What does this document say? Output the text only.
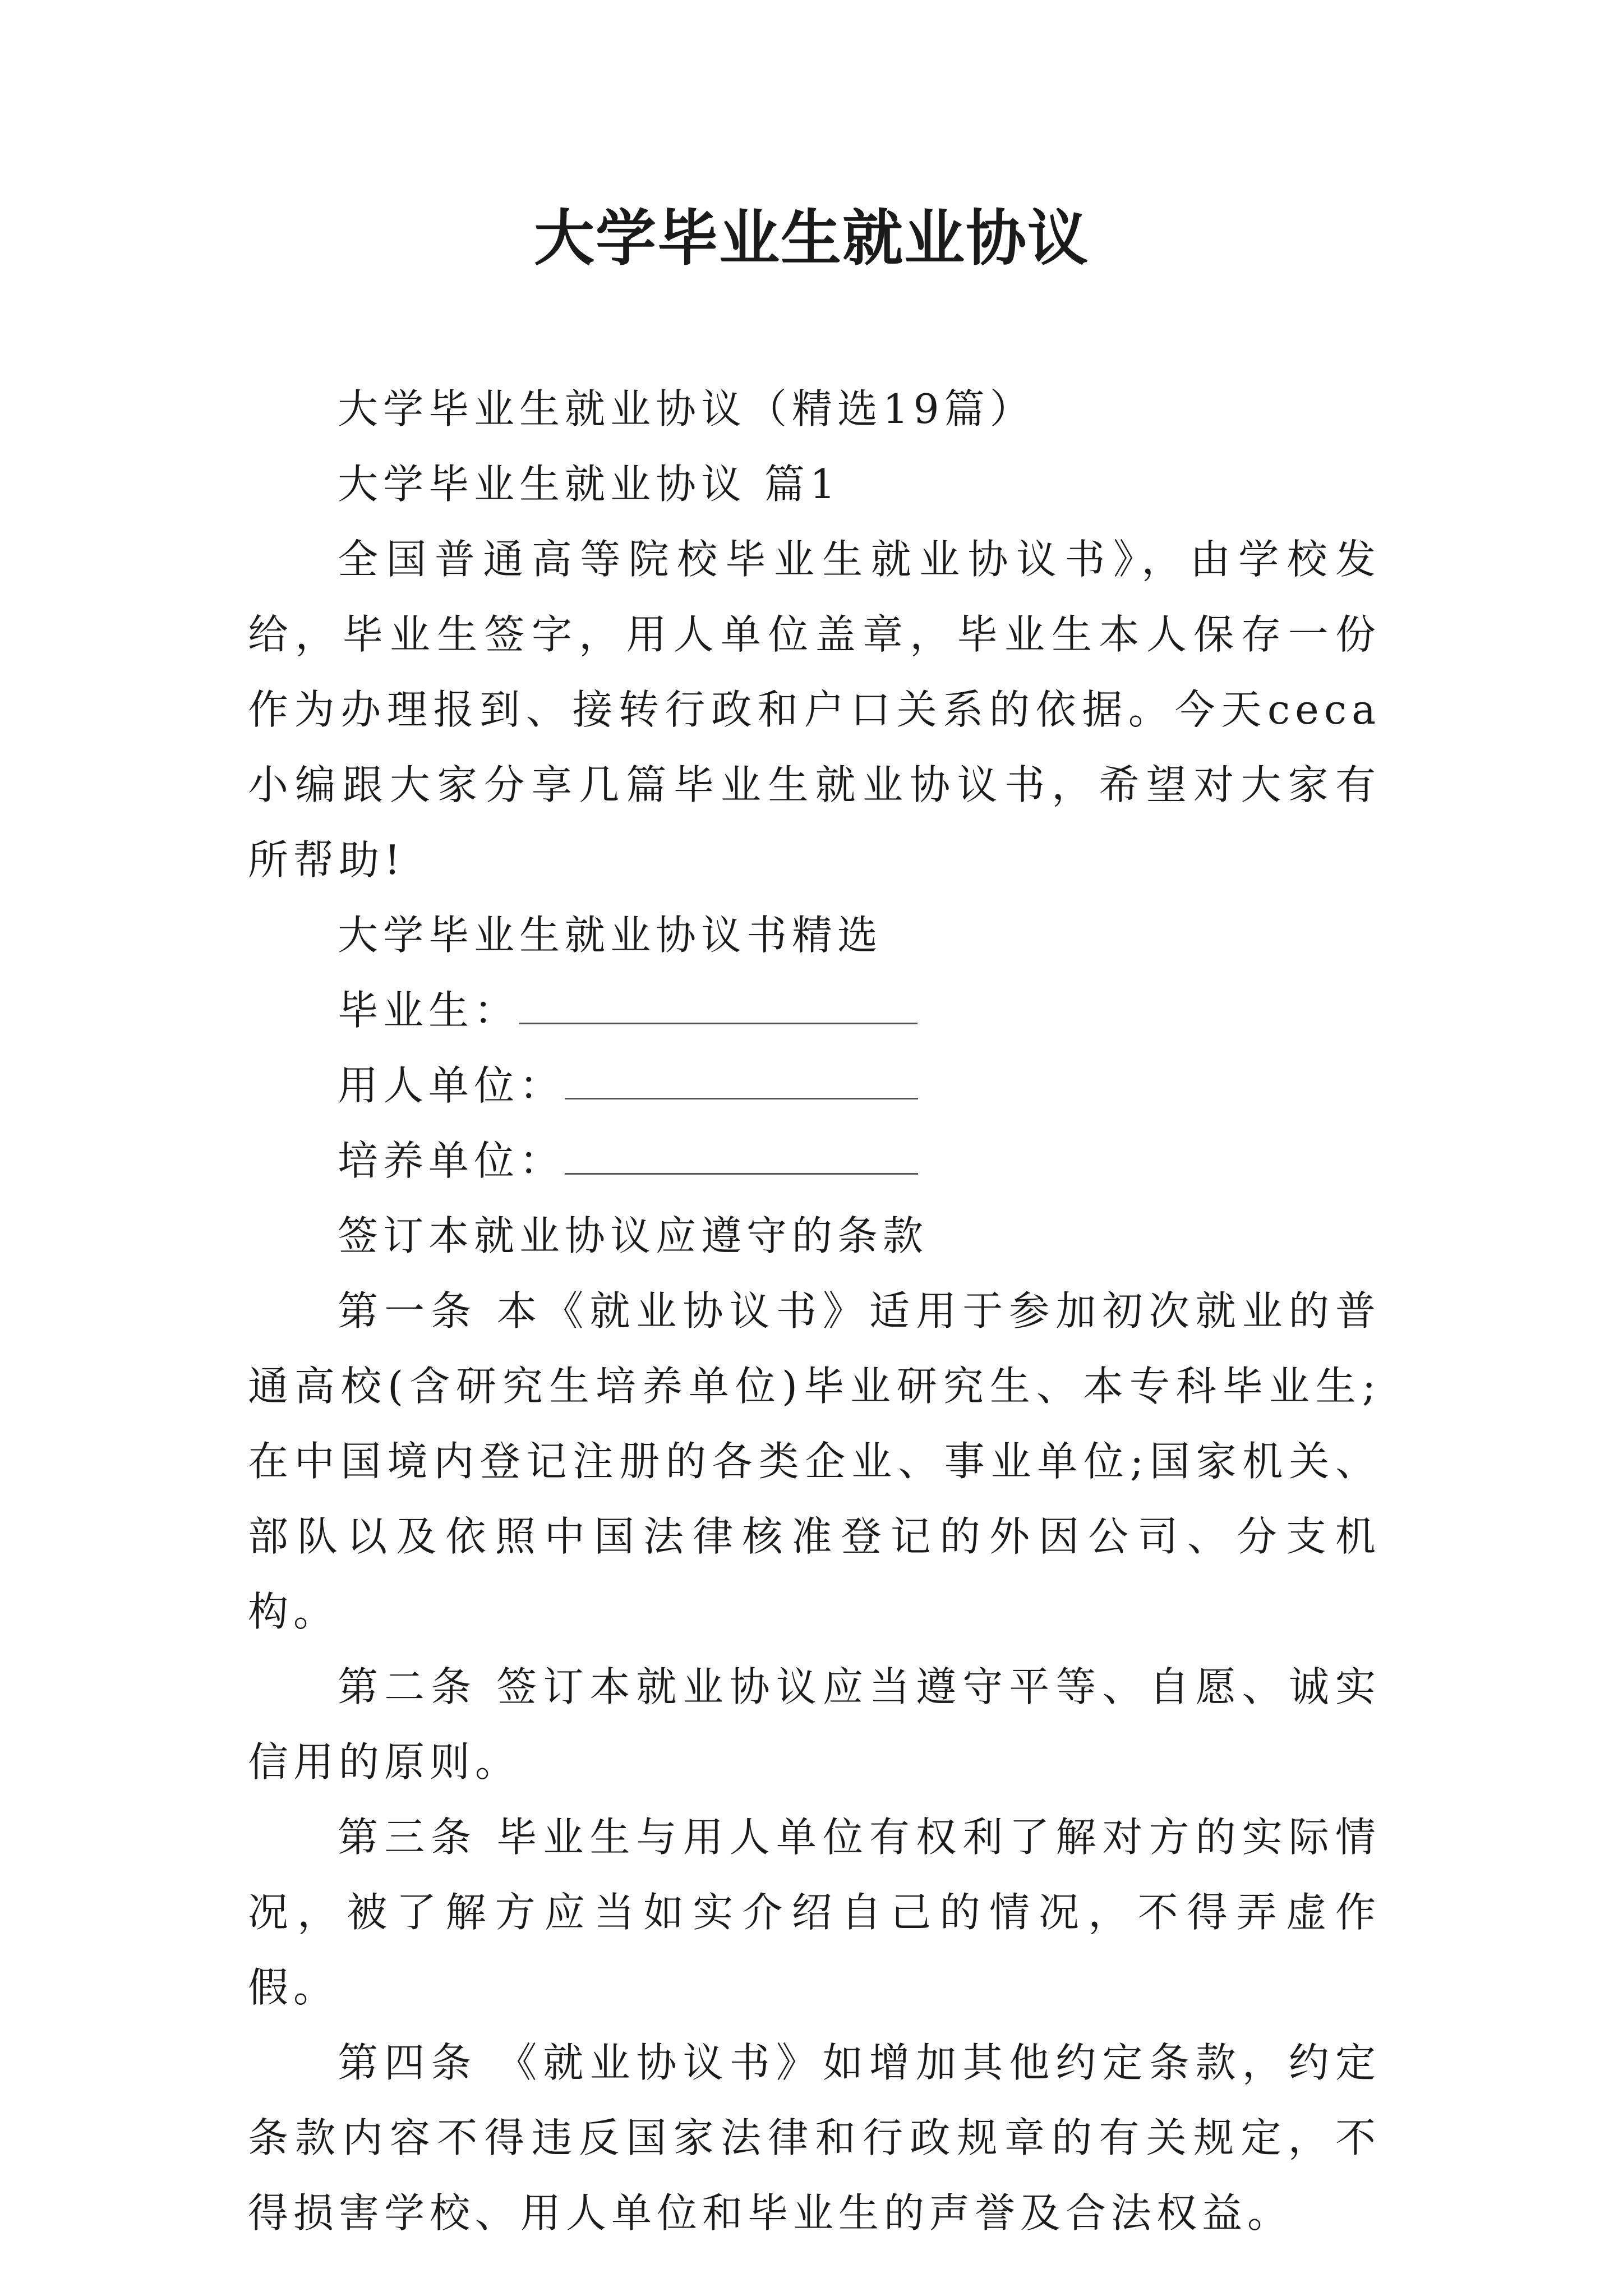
大学毕业生就业协议

大学毕业生就业协议（精选19篇）

大学毕业生就业协议 篇1

全国普通高等院校毕业生就业协议书》，由学校发给，毕业生签字，用人单位盖章，毕业生本人保存一份作为办理报到、接转行政和户口关系的依据。今天ceca小编跟大家分享几篇毕业生就业协议书，希望对大家有所帮助!

大学毕业生就业协议书精选

毕业生：
用人单位：
培养单位：

签订本就业协议应遵守的条款

第一条 本《就业协议书》适用于参加初次就业的普通高校(含研究生培养单位)毕业研究生、本专科毕业生;在中国境内登记注册的各类企业、事业单位;国家机关、部队以及依照中国法律核准登记的外因公司、分支机构。

第二条 签订本就业协议应当遵守平等、自愿、诚实信用的原则。

第三条 毕业生与用人单位有权利了解对方的实际情况，被了解方应当如实介绍自己的情况，不得弄虚作假。

第四条 《就业协议书》如增加其他约定条款，约定条款内容不得违反国家法律和行政规章的有关规定，不得损害学校、用人单位和毕业生的声誉及合法权益。
